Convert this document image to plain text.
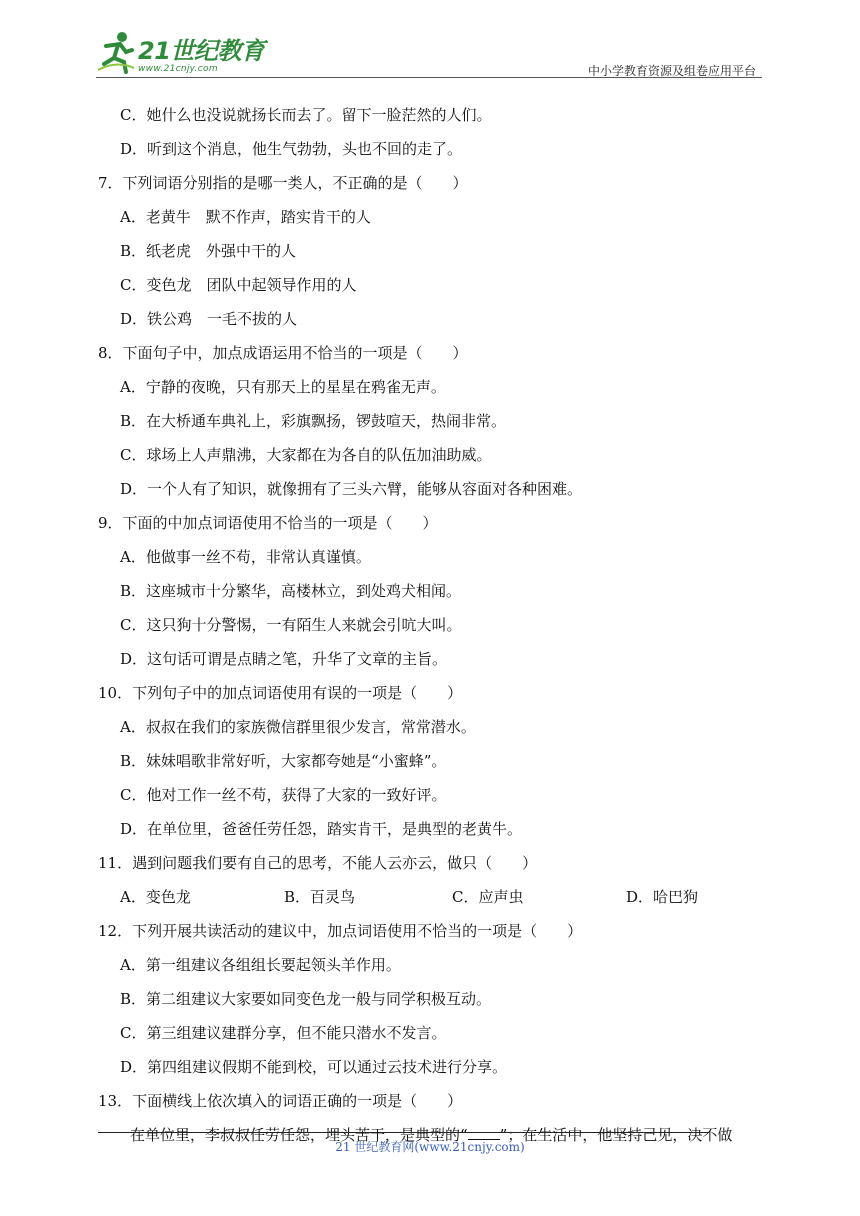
21世纪教育
www.21cnjy.com	中小学教育资源及组卷应用平台
C．她什么也没说就扬长而去了。留下一脸茫然的人们。
D．听到这个消息，他生气勃勃，头也不回的走了。
7．下列词语分别指的是哪一类人，不正确的是（　　）
A．老黄牛　默不作声，踏实肯干的人
B．纸老虎　外强中干的人
C．变色龙　团队中起领导作用的人
D．铁公鸡　一毛不拔的人
8．下面句子中，加点成语运用不恰当的一项是（　　）
A．宁静的夜晚，只有那天上的星星在鸦雀无声。
B．在大桥通车典礼上，彩旗飘扬，锣鼓喧天，热闹非常。
C．球场上人声鼎沸，大家都在为各自的队伍加油助威。
D．一个人有了知识，就像拥有了三头六臂，能够从容面对各种困难。
9．下面的中加点词语使用不恰当的一项是（　　）
A．他做事一丝不苟，非常认真谨慎。
B．这座城市十分繁华，高楼林立，到处鸡犬相闻。
C．这只狗十分警惕，一有陌生人来就会引吭大叫。
D．这句话可谓是点睛之笔，升华了文章的主旨。
10．下列句子中的加点词语使用有误的一项是（　　）
A．叔叔在我们的家族微信群里很少发言，常常潜水。
B．妹妹唱歌非常好听，大家都夸她是“小蜜蜂”。
C．他对工作一丝不苟，获得了大家的一致好评。
D．在单位里，爸爸任劳任怨，踏实肯干，是典型的老黄牛。
11．遇到问题我们要有自己的思考，不能人云亦云，做只（　　）
A．变色龙	B．百灵鸟	C．应声虫	D．哈巴狗
12．下列开展共读活动的建议中，加点词语使用不恰当的一项是（　　）
A．第一组建议各组组长要起领头羊作用。
B．第二组建议大家要如同变色龙一般与同学积极互动。
C．第三组建议建群分享，但不能只潜水不发言。
D．第四组建议假期不能到校，可以通过云技术进行分享。
13．下面横线上依次填入的词语正确的一项是（　　）
在单位里，李叔叔任劳任怨，埋头苦干，是典型的“ ”；在生活中，他坚持己见，决不做
21 世纪教育网(www.21cnjy.com)
